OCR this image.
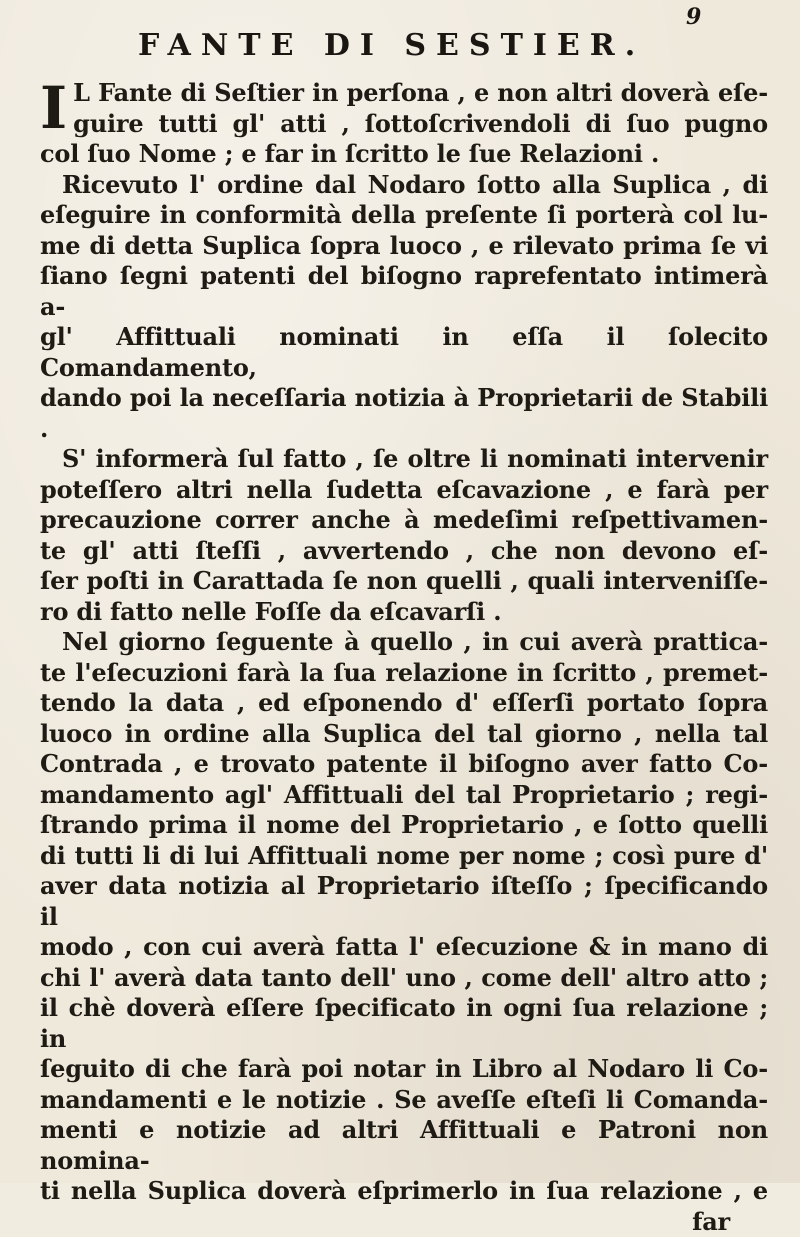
9
FANTE DI SESTIER.
I L Fante di Seſtier in perſona , e non altri doverà eſe-
guire tutti gl' atti , ſottoſcrivendoli di ſuo pugno
col ſuo Nome ; e far in ſcritto le ſue Relazioni .
Ricevuto l' ordine dal Nodaro ſotto alla Suplica , di
eſeguire in conformità della preſente ſi porterà col lu-
me di detta Suplica ſopra luoco , e rilevato prima ſe vi
ſiano ſegni patenti del biſogno raprefentato intimerà a-
gl' Affittuali nominati in eſſa il ſolecito Comandamento,
dando poi la neceſſaria notizia à Proprietarii de Stabili .
S' informerà ſul fatto , ſe oltre li nominati intervenir
poteſſero altri nella ſudetta eſcavazione , e farà per
precauzione correr anche à medeſimi reſpettivamen-
te gl' atti ſteſſi , avvertendo , che non devono eſ-
ſer poſti in Carattada ſe non quelli , quali interveniſſe-
ro di fatto nelle Foſſe da eſcavarſi .
Nel giorno ſeguente à quello , in cui averà prattica-
te l'eſecuzioni farà la ſua relazione in ſcritto , premet-
tendo la data , ed eſponendo d' eſſerſi portato ſopra
luoco in ordine alla Suplica del tal giorno , nella tal
Contrada , e trovato patente il biſogno aver fatto Co-
mandamento agl' Affittuali del tal Proprietario ; regi-
ſtrando prima il nome del Proprietario , e ſotto quelli
di tutti li di lui Affittuali nome per nome ; così pure d'
aver data notizia al Proprietario iſteſſo ; ſpecificando il
modo , con cui averà fatta l' eſecuzione & in mano di
chi l' averà data tanto dell' uno , come dell' altro atto ;
il chè doverà eſſere ſpecificato in ogni ſua relazione ; in
ſeguito di che farà poi notar in Libro al Nodaro li Co-
mandamenti e le notizie . Se aveſſe eſteſi li Comanda-
menti e notizie ad altri Affittuali e Patroni non nomina-
ti nella Suplica doverà eſprimerlo in ſua relazione , e
far
